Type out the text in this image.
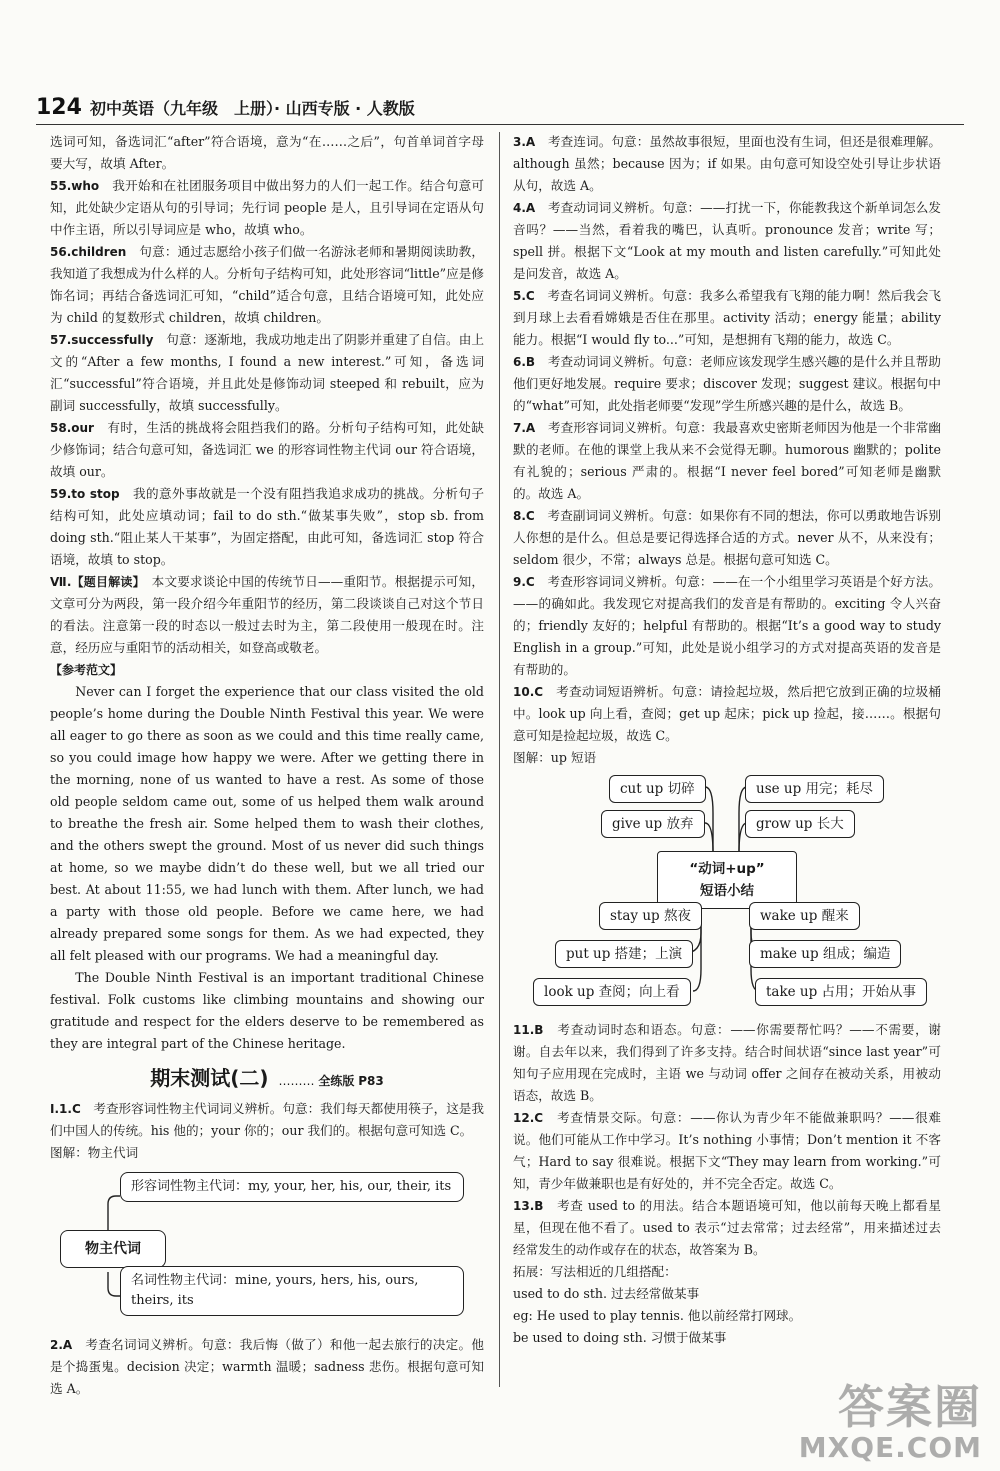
124 初中英语（九年级　上册）· 山西专版 · 人教版

选词可知，备选词汇“after”符合语境，意为“在……之后”，句首单词首字母要大写，故填 After。

55.who　我开始和在社团服务项目中做出努力的人们一起工作。结合句意可知，此处缺少定语从句的引导词；先行词 people 是人，且引导词在定语从句中作主语，所以引导词应是 who，故填 who。

56.children　句意：通过志愿给小孩子们做一名游泳老师和暑期阅读助教，我知道了我想成为什么样的人。分析句子结构可知，此处形容词“little”应是修饰名词；再结合备选词汇可知，“child”适合句意，且结合语境可知，此处应为 child 的复数形式 children，故填 children。

57.successfully　句意：逐渐地，我成功地走出了阴影并重建了自信。由上文的“After a few months, I found a new interest.”可知，备选词汇“successful”符合语境，并且此处是修饰动词 steeped 和 rebuilt，应为副词 successfully，故填 successfully。

58.our　有时，生活的挑战将会阻挡我们的路。分析句子结构可知，此处缺少修饰词；结合句意可知，备选词汇 we 的形容词性物主代词 our 符合语境，故填 our。

59.to stop　我的意外事故就是一个没有阻挡我追求成功的挑战。分析句子结构可知，此处应填动词；fail to do sth.“做某事失败”，stop sb. from doing sth.“阻止某人干某事”，为固定搭配，由此可知，备选词汇 stop 符合语境，故填 to stop。

Ⅶ.【题目解读】　本文要求谈论中国的传统节日——重阳节。根据提示可知，文章可分为两段，第一段介绍今年重阳节的经历，第二段谈谈自己对这个节日的看法。注意第一段的时态以一般过去时为主，第二段使用一般现在时。注意，经历应与重阳节的活动相关，如登高或敬老。

【参考范文】

Never can I forget the experience that our class visited the old people’s home during the Double Ninth Festival this year. We were all eager to go there as soon as we could and this time really came, so you could image how happy we were. After we getting there in the morning, none of us wanted to have a rest. As some of those old people seldom came out, some of us helped them walk around to breathe the fresh air. Some helped them to wash their clothes, and the others swept the ground. Most of us never did such things at home, so we maybe didn’t do these well, but we all tried our best. At about 11:55, we had lunch with them. After lunch, we had a party with those old people. Before we came here, we had already prepared some songs for them. As we had expected, they all felt pleased with our programs. We had a meaningful day.

The Double Ninth Festival is an important traditional Chinese festival. Folk customs like climbing mountains and showing our gratitude and respect for the elders deserve to be remembered as they are integral part of the Chinese heritage.

期末测试(二) ……… 全练版 P83

Ⅰ.1.C　考查形容词性物主代词词义辨析。句意：我们每天都使用筷子，这是我们中国人的传统。his 他的；your 你的；our 我们的。根据句意可知选 C。

图解：物主代词

形容词性物主代词：my, your, her, his, our, their, its
物主代词
名词性物主代词：mine, yours, hers, his, ours, theirs, its

2.A　考查名词词义辨析。句意：我后悔（做了）和他一起去旅行的决定。他是个捣蛋鬼。decision 决定；warmth 温暖；sadness 悲伤。根据句意可知选 A。

3.A　考查连词。句意：虽然故事很短，里面也没有生词，但还是很难理解。although 虽然；because 因为；if 如果。由句意可知设空处引导让步状语从句，故选 A。

4.A　考查动词词义辨析。句意：——打扰一下，你能教我这个新单词怎么发音吗？——当然，看着我的嘴巴，认真听。pronounce 发音；write 写；spell 拼。根据下文“Look at my mouth and listen carefully.”可知此处是问发音，故选 A。

5.C　考查名词词义辨析。句意：我多么希望我有飞翔的能力啊！然后我会飞到月球上去看看嫦娥是否住在那里。activity 活动；energy 能量；ability 能力。根据“I would fly to...”可知，是想拥有飞翔的能力，故选 C。

6.B　考查动词词义辨析。句意：老师应该发现学生感兴趣的是什么并且帮助他们更好地发展。require 要求；discover 发现；suggest 建议。根据句中的“what”可知，此处指老师要“发现”学生所感兴趣的是什么，故选 B。

7.A　考查形容词词义辨析。句意：我最喜欢史密斯老师因为他是一个非常幽默的老师。在他的课堂上我从来不会觉得无聊。humorous 幽默的；polite 有礼貌的；serious 严肃的。根据“I never feel bored”可知老师是幽默的。故选 A。

8.C　考查副词词义辨析。句意：如果你有不同的想法，你可以勇敢地告诉别人你想的是什么。但总是要记得选择合适的方式。never 从不，从来没有；seldom 很少，不常；always 总是。根据句意可知选 C。

9.C　考查形容词词义辨析。句意：——在一个小组里学习英语是个好方法。——的确如此。我发现它对提高我们的发音是有帮助的。exciting 令人兴奋的；friendly 友好的；helpful 有帮助的。根据“It’s a good way to study English in a group.”可知，此处是说小组学习的方式对提高英语的发音是有帮助的。

10.C　考查动词短语辨析。句意：请捡起垃圾，然后把它放到正确的垃圾桶中。look up 向上看，查阅；get up 起床；pick up 捡起，接……。根据句意可知是捡起垃圾，故选 C。

图解：up 短语

cut up 切碎	use up 用完；耗尽
give up 放弃	grow up 长大
“动词+up”
短语小结
stay up 熬夜	wake up 醒来
put up 搭建；上演	make up 组成；编造
look up 查阅；向上看	take up 占用；开始从事

11.B　考查动词时态和语态。句意：——你需要帮忙吗？——不需要，谢谢。自去年以来，我们得到了许多支持。结合时间状语“since last year”可知句子应用现在完成时，主语 we 与动词 offer 之间存在被动关系，用被动语态，故选 B。

12.C　考查情景交际。句意：——你认为青少年不能做兼职吗？——很难说。他们可能从工作中学习。It’s nothing 小事情；Don’t mention it 不客气；Hard to say 很难说。根据下文“They may learn from working.”可知，青少年做兼职也是有好处的，并不完全否定。故选 C。

13.B　考查 used to 的用法。结合本题语境可知，他以前每天晚上都看星星，但现在他不看了。used to 表示“过去常常；过去经常”，用来描述过去经常发生的动作或存在的状态，故答案为 B。

拓展：写法相近的几组搭配：

used to do sth. 过去经常做某事

eg: He used to play tennis. 他以前经常打网球。

be used to doing sth. 习惯于做某事

答案圈
MXQE.COM
